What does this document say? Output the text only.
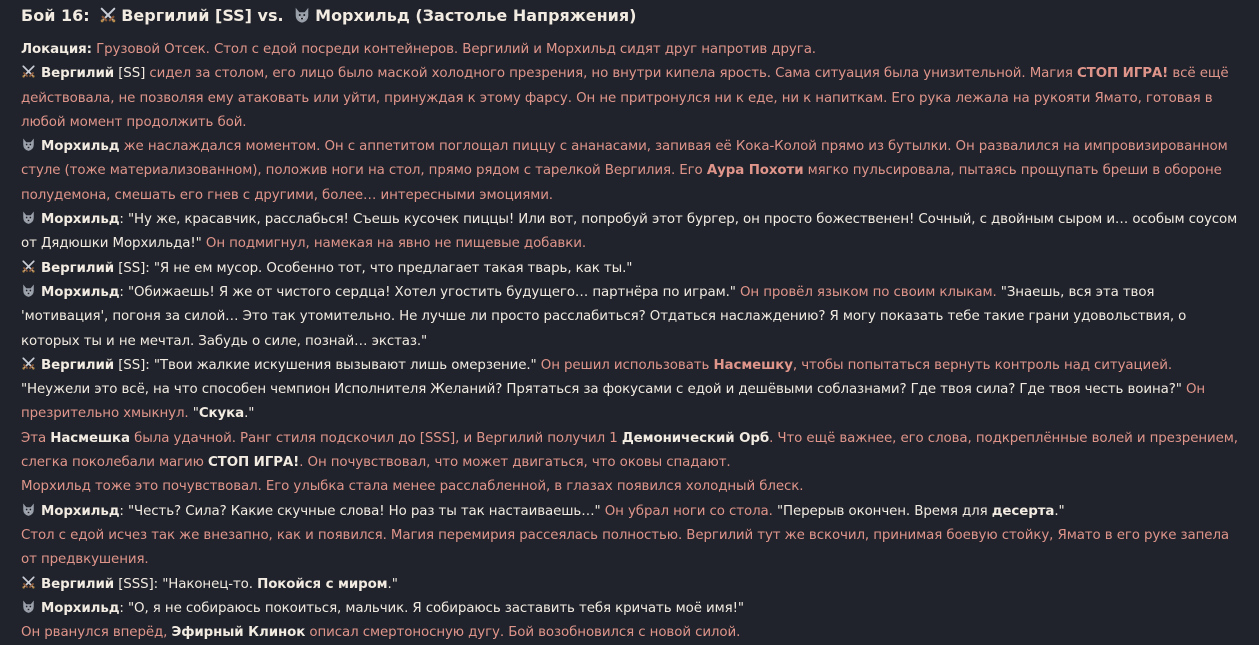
Бой 16: Вергилий [SS] vs. Морхильд (Застолье Напряжения)

Локация: Грузовой Отсек. Стол с едой посреди контейнеров. Вергилий и Морхильд сидят друг напротив друга.

Вергилий [SS] сидел за столом, его лицо было маской холодного презрения, но внутри кипела ярость. Сама ситуация была унизительной. Магия СТОП ИГРА! всё ещё действовала, не позволяя ему атаковать или уйти, принуждая к этому фарсу. Он не притронулся ни к еде, ни к напиткам. Его рука лежала на рукояти Ямато, готовая в любой момент продолжить бой.

Морхильд же наслаждался моментом. Он с аппетитом поглощал пиццу с ананасами, запивая её Кока-Колой прямо из бутылки. Он развалился на импровизированном стуле (тоже материализованном), положив ноги на стол, прямо рядом с тарелкой Вергилия. Его Аура Похоти мягко пульсировала, пытаясь прощупать бреши в обороне полудемона, смешать его гнев с другими, более… интересными эмоциями.

Морхильд: "Ну же, красавчик, расслабься! Съешь кусочек пиццы! Или вот, попробуй этот бургер, он просто божественен! Сочный, с двойным сыром и… особым соусом от Дядюшки Морхильда!" Он подмигнул, намекая на явно не пищевые добавки.

Вергилий [SS]: "Я не ем мусор. Особенно тот, что предлагает такая тварь, как ты."

Морхильд: "Обижаешь! Я же от чистого сердца! Хотел угостить будущего… партнёра по играм." Он провёл языком по своим клыкам. "Знаешь, вся эта твоя 'мотивация', погоня за силой… Это так утомительно. Не лучше ли просто расслабиться? Отдаться наслаждению? Я могу показать тебе такие грани удовольствия, о которых ты и не мечтал. Забудь о силе, познай… экстаз."

Вергилий [SS]: "Твои жалкие искушения вызывают лишь омерзение." Он решил использовать Насмешку, чтобы попытаться вернуть контроль над ситуацией. "Неужели это всё, на что способен чемпион Исполнителя Желаний? Прятаться за фокусами с едой и дешёвыми соблазнами? Где твоя сила? Где твоя честь воина?" Он презрительно хмыкнул. "Скука."

Эта Насмешка была удачной. Ранг стиля подскочил до [SSS], и Вергилий получил 1 Демонический Орб. Что ещё важнее, его слова, подкреплённые волей и презрением, слегка поколебали магию СТОП ИГРА!. Он почувствовал, что может двигаться, что оковы спадают.

Морхильд тоже это почувствовал. Его улыбка стала менее расслабленной, в глазах появился холодный блеск.

Морхильд: "Честь? Сила? Какие скучные слова! Но раз ты так настаиваешь…" Он убрал ноги со стола. "Перерыв окончен. Время для десерта."

Стол с едой исчез так же внезапно, как и появился. Магия перемирия рассеялась полностью. Вергилий тут же вскочил, принимая боевую стойку, Ямато в его руке запела от предвкушения.

Вергилий [SSS]: "Наконец-то. Покойся с миром."

Морхильд: "О, я не собираюсь покоиться, мальчик. Я собираюсь заставить тебя кричать моё имя!"

Он рванулся вперёд, Эфирный Клинок описал смертоносную дугу. Бой возобновился с новой силой.
